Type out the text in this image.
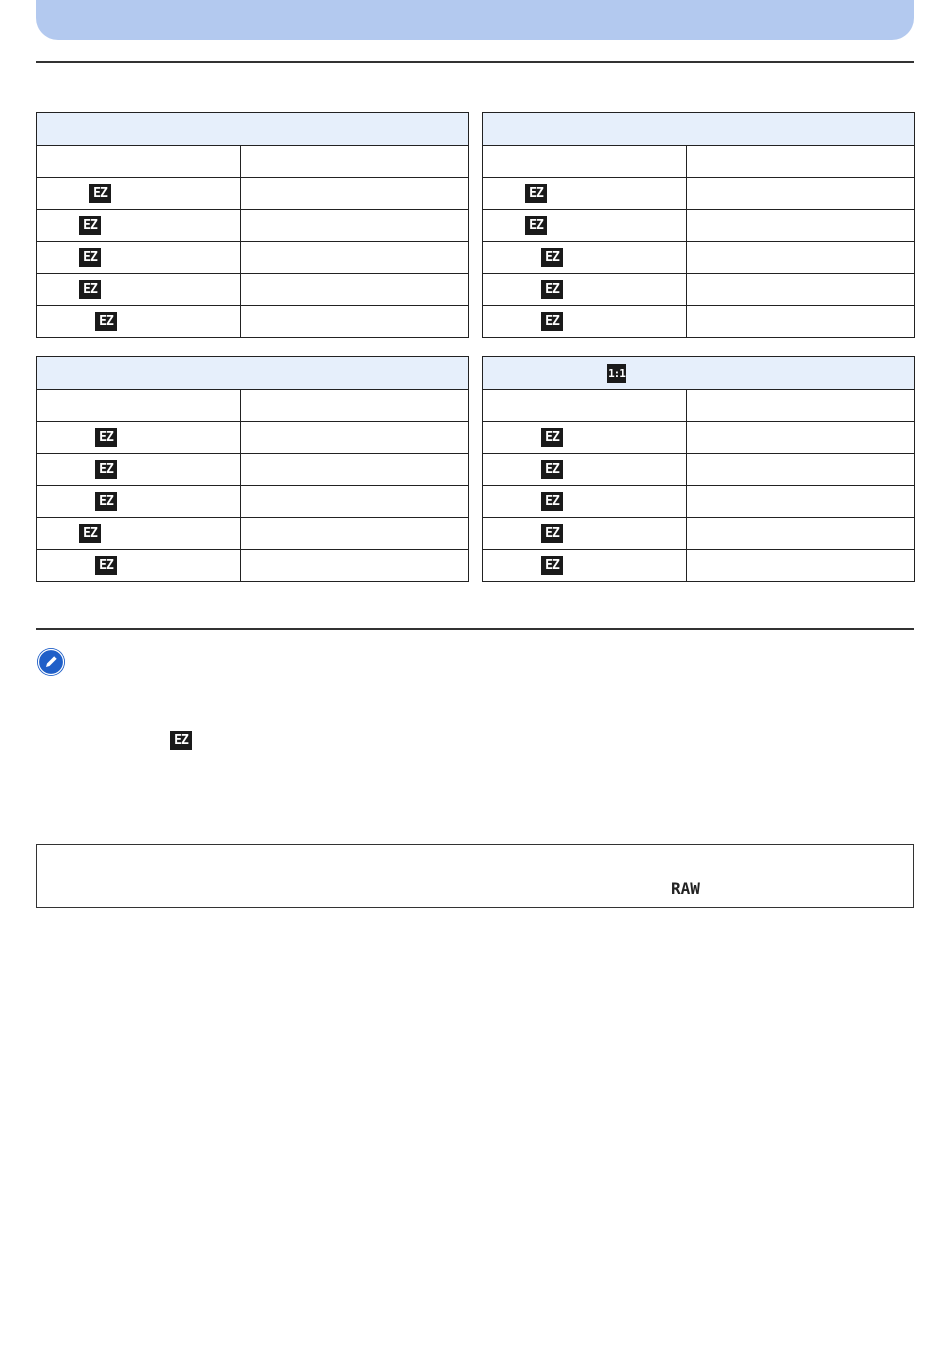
EZ	
EZ	
EZ	
EZ	
EZ	

EZ	
EZ	
EZ	
EZ	
EZ	

EZ	
EZ	
EZ	
EZ	
EZ	
1:1	

EZ	
EZ	
EZ	
EZ	
EZ	
EZ
RAW
